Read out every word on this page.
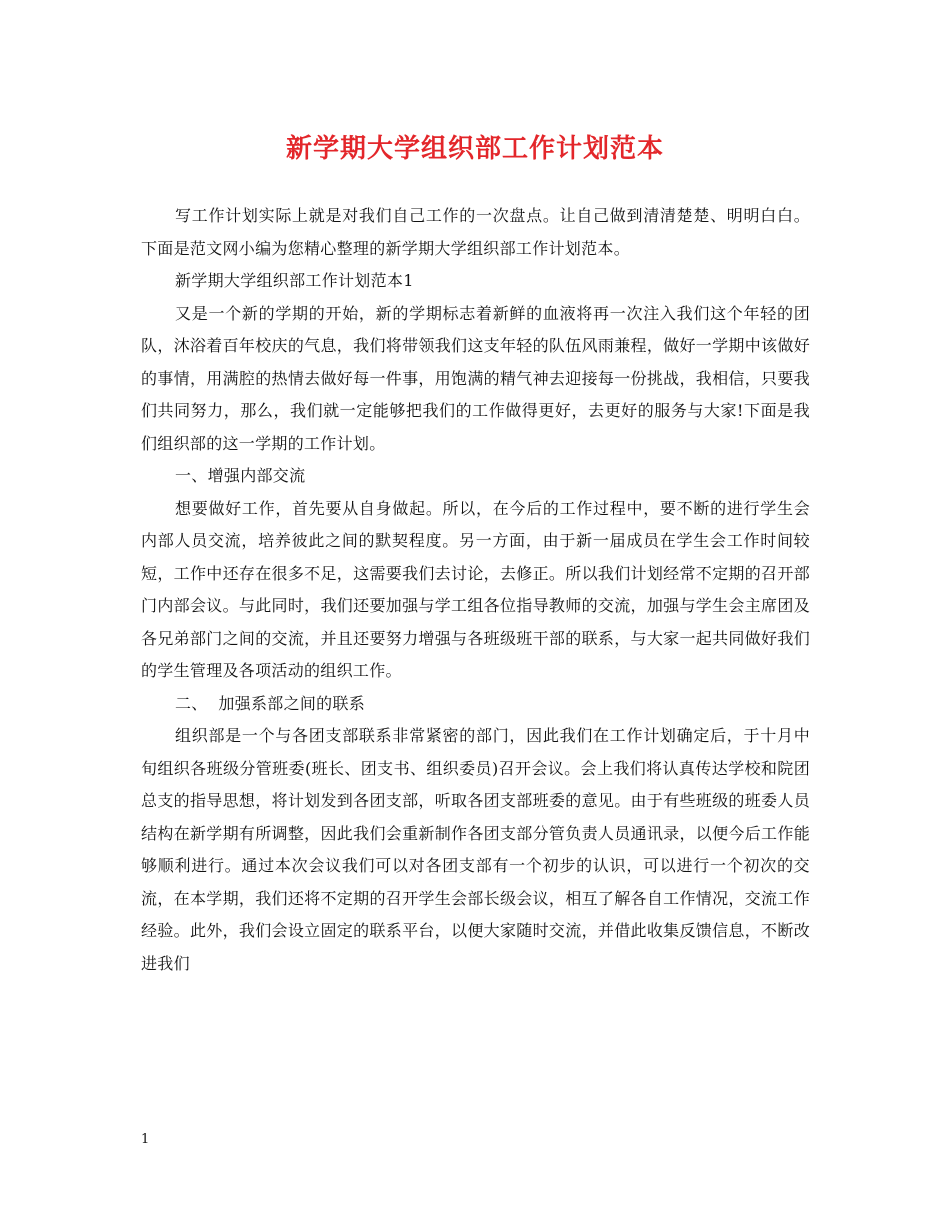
新学期大学组织部工作计划范本

写工作计划实际上就是对我们自己工作的一次盘点。让自己做到清清楚楚、明明白白。下面是范文网小编为您精心整理的新学期大学组织部工作计划范本。

新学期大学组织部工作计划范本1

又是一个新的学期的开始，新的学期标志着新鲜的血液将再一次注入我们这个年轻的团队，沐浴着百年校庆的气息，我们将带领我们这支年轻的队伍风雨兼程，做好一学期中该做好的事情，用满腔的热情去做好每一件事，用饱满的精气神去迎接每一份挑战，我相信，只要我们共同努力，那么，我们就一定能够把我们的工作做得更好，去更好的服务与大家!下面是我们组织部的这一学期的工作计划。

一、增强内部交流

想要做好工作，首先要从自身做起。所以，在今后的工作过程中，要不断的进行学生会内部人员交流，培养彼此之间的默契程度。另一方面，由于新一届成员在学生会工作时间较短，工作中还存在很多不足，这需要我们去讨论，去修正。所以我们计划经常不定期的召开部门内部会议。与此同时，我们还要加强与学工组各位指导教师的交流，加强与学生会主席团及各兄弟部门之间的交流，并且还要努力增强与各班级班干部的联系，与大家一起共同做好我们的学生管理及各项活动的组织工作。

二、  加强系部之间的联系

组织部是一个与各团支部联系非常紧密的部门，因此我们在工作计划确定后，于十月中旬组织各班级分管班委(班长、团支书、组织委员)召开会议。会上我们将认真传达学校和院团总支的指导思想，将计划发到各团支部，听取各团支部班委的意见。由于有些班级的班委人员结构在新学期有所调整，因此我们会重新制作各团支部分管负责人员通讯录，以便今后工作能够顺利进行。通过本次会议我们可以对各团支部有一个初步的认识，可以进行一个初次的交流，在本学期，我们还将不定期的召开学生会部长级会议，相互了解各自工作情况，交流工作经验。此外，我们会设立固定的联系平台，以便大家随时交流，并借此收集反馈信息，不断改进我们

1
